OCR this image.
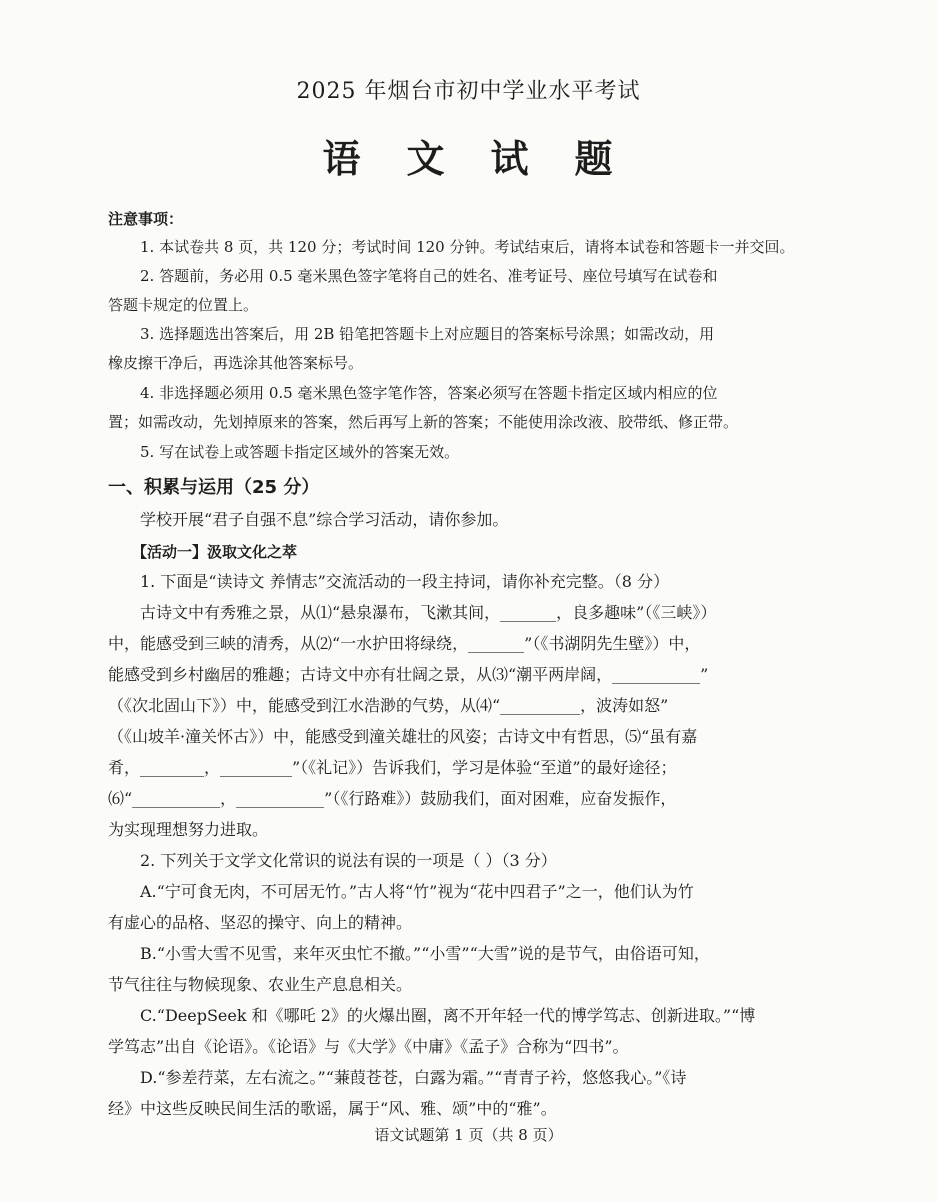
2025 年烟台市初中学业水平考试
语 文 试 题
注意事项：
1. 本试卷共 8 页，共 120 分；考试时间 120 分钟。考试结束后，请将本试卷和答题卡一并交回。
2. 答题前，务必用 0.5 毫米黑色签字笔将自己的姓名、准考证号、座位号填写在试卷和
答题卡规定的位置上。
3. 选择题选出答案后，用 2B 铅笔把答题卡上对应题目的答案标号涂黑；如需改动，用
橡皮擦干净后，再选涂其他答案标号。
4. 非选择题必须用 0.5 毫米黑色签字笔作答，答案必须写在答题卡指定区域内相应的位
置；如需改动，先划掉原来的答案，然后再写上新的答案；不能使用涂改液、胶带纸、修正带。
5. 写在试卷上或答题卡指定区域外的答案无效。
一、积累与运用（25 分）
学校开展“君子自强不息”综合学习活动，请你参加。
【活动一】汲取文化之萃
1. 下面是“读诗文 养情志”交流活动的一段主持词，请你补充完整。（8 分）
古诗文中有秀雅之景，从⑴“悬泉瀑布，飞漱其间，_______，良多趣味”（《三峡》）
中，能感受到三峡的清秀，从⑵“一水护田将绿绕，_______”（《书湖阴先生壁》）中，
能感受到乡村幽居的雅趣；古诗文中亦有壮阔之景，从⑶“潮平两岸阔，___________”
（《次北固山下》）中，能感受到江水浩渺的气势，从⑷“__________，波涛如怒”
（《山坡羊·潼关怀古》）中，能感受到潼关雄壮的风姿；古诗文中有哲思，⑸“虽有嘉
肴，________，_________”（《礼记》）告诉我们，学习是体验“至道”的最好途径；
⑹“___________，___________”（《行路难》）鼓励我们，面对困难，应奋发振作，
为实现理想努力进取。
2. 下列关于文学文化常识的说法有误的一项是（ ）（3 分）
A.“宁可食无肉，不可居无竹。”古人将“竹”视为“花中四君子”之一，他们认为竹
有虚心的品格、坚忍的操守、向上的精神。
B.“小雪大雪不见雪，来年灭虫忙不撤。”“小雪”“大雪”说的是节气，由俗语可知，
节气往往与物候现象、农业生产息息相关。
C.“DeepSeek 和《哪吒 2》的火爆出圈，离不开年轻一代的博学笃志、创新进取。”“博
学笃志”出自《论语》。《论语》与《大学》《中庸》《孟子》合称为“四书”。
D.“参差荇菜，左右流之。”“蒹葭苍苍，白露为霜。”“青青子衿，悠悠我心。”《诗
经》中这些反映民间生活的歌谣，属于“风、雅、颂”中的“雅”。
语文试题第 1 页（共 8 页）
